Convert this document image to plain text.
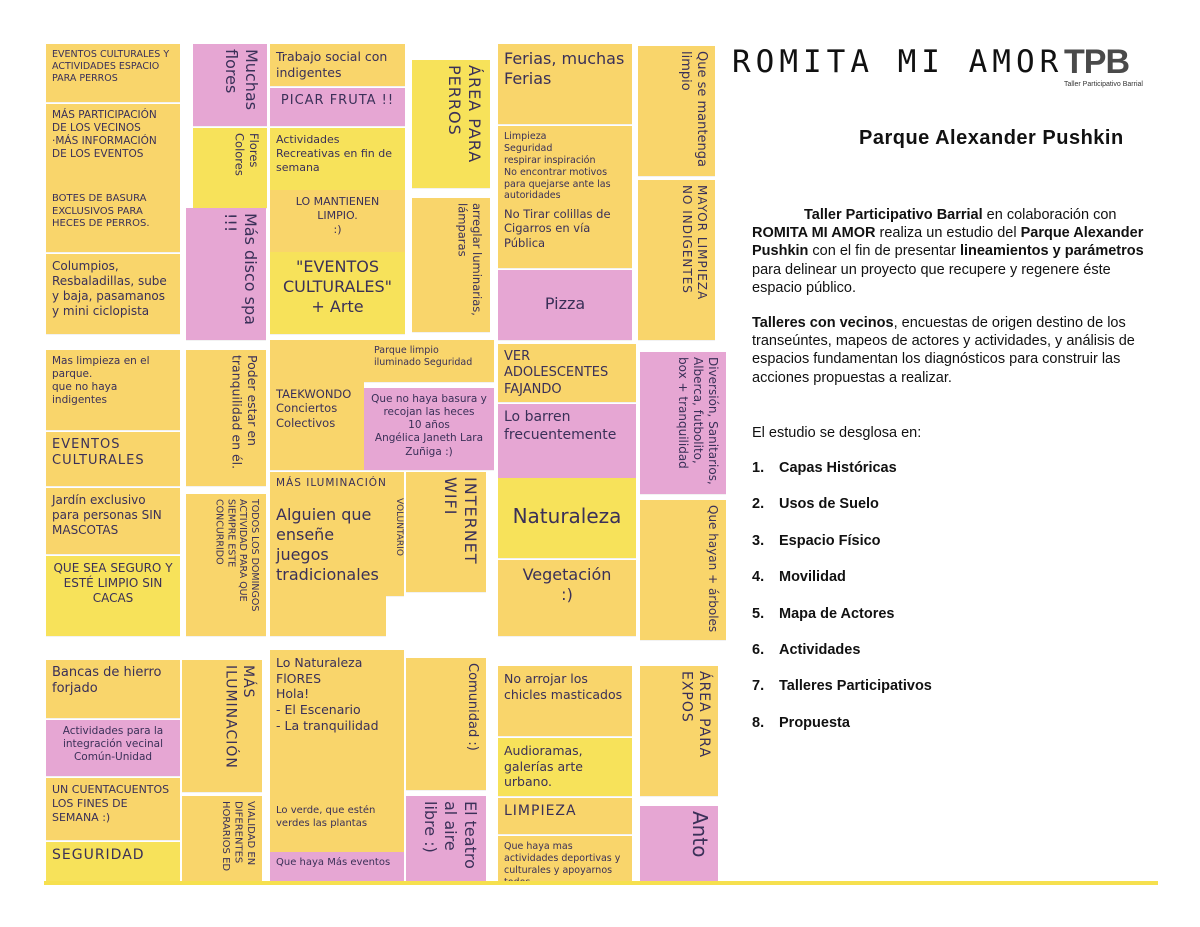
EVENTOS CULTURALES Y ACTIVIDADES ESPACIO PARA PERROS
MÁS PARTICIPACIÓN DE LOS VECINOS
·MÁS INFORMACIÓN DE LOS EVENTOS
BOTES DE BASURA EXCLUSIVOS PARA HECES DE PERROS.
Columpios, Resbaladillas, sube y baja, pasamanos y mini ciclopista
Muchas flores
Flores Colores
Más disco spa !!!
Trabajo social con indigentes
PICAR FRUTA !!
Actividades Recreativas en fin de semana
LO MANTIENEN LIMPIO.
:)
"EVENTOS CULTURALES" + Arte
ÁREA PARA PERROS
arreglar luminarias, lámparas
Ferias, muchas Ferias
Limpieza
Seguridad
respirar inspiración
No encontrar motivos para quejarse ante las autoridades
No Tirar colillas de Cigarros en vía Pública
Pizza
Que se mantenga limpio
MAYOR LIMPIEZA
NO INDIGENTES
Mas limpieza en el parque.
que no haya indigentes
EVENTOS CULTURALES
Jardín exclusivo para personas SIN MASCOTAS
QUE SEA SEGURO Y ESTÉ LIMPIO SIN CACAS
Poder estar en tranquilidad en él.
TODOS LOS DOMINGOS ACTIVIDAD PARA QUE SIEMPRE ESTE CONCURRIDO
Parque limpio iluminado Seguridad
TAEKWONDO
Conciertos
Colectivos
Que no haya basura y recojan las heces
10 años
Angélica Janeth Lara Zuñiga :)
MÁS ILUMINACIÓN
Alguien que enseñe juegos tradicionales
VOLUNTARIO	INTERNET WIFI
VER ADOLESCENTES FAJANDO
Lo barren frecuentemente
Naturaleza
Vegetación
:)
Diversión, Sanitarios, Alberca, futbolito, box + tranquilidad
Que hayan + árboles
Bancas de hierro forjado
Actividades para la integración vecinal
Común-Unidad
UN CUENTACUENTOS LOS FINES DE SEMANA :)
SEGURIDAD
MÁS ILUMINACIÓN
VIALIDAD EN DIFERENTES HORARIOS ED
Lo Naturaleza
FlORES
Hola!
- El Escenario
- La tranquilidad
Lo verde, que estén verdes las plantas
Que haya Más eventos
Comunidad :)
El teatro al aire libre :)
No arrojar los chicles masticados
Audioramas, galerías arte urbano.
LIMPIEZA
Que haya mas actividades deportivas y culturales y apoyarnos
ÁREA PARA EXPOS
Anto
ROMITA MI AMOR TPB
Taller Participativo Barrial
Parque Alexander Pushkin

Taller Participativo Barrial en colaboración con ROMITA MI AMOR realiza un estudio del Parque Alexander Pushkin con el fin de presentar lineamientos y parámetros para delinear un proyecto que recupere y regenere éste espacio público.

Talleres con vecinos, encuestas de origen destino de los transeúntes, mapeos de actores y actividades, y análisis de espacios fundamentan los diagnósticos para construir las acciones propuestas a realizar.

El estudio se desglosa en:
1. Capas Históricas
2. Usos de Suelo
3. Espacio Físico
4. Movilidad
5. Mapa de Actores
6. Actividades
7. Talleres Participativos
8. Propuesta
